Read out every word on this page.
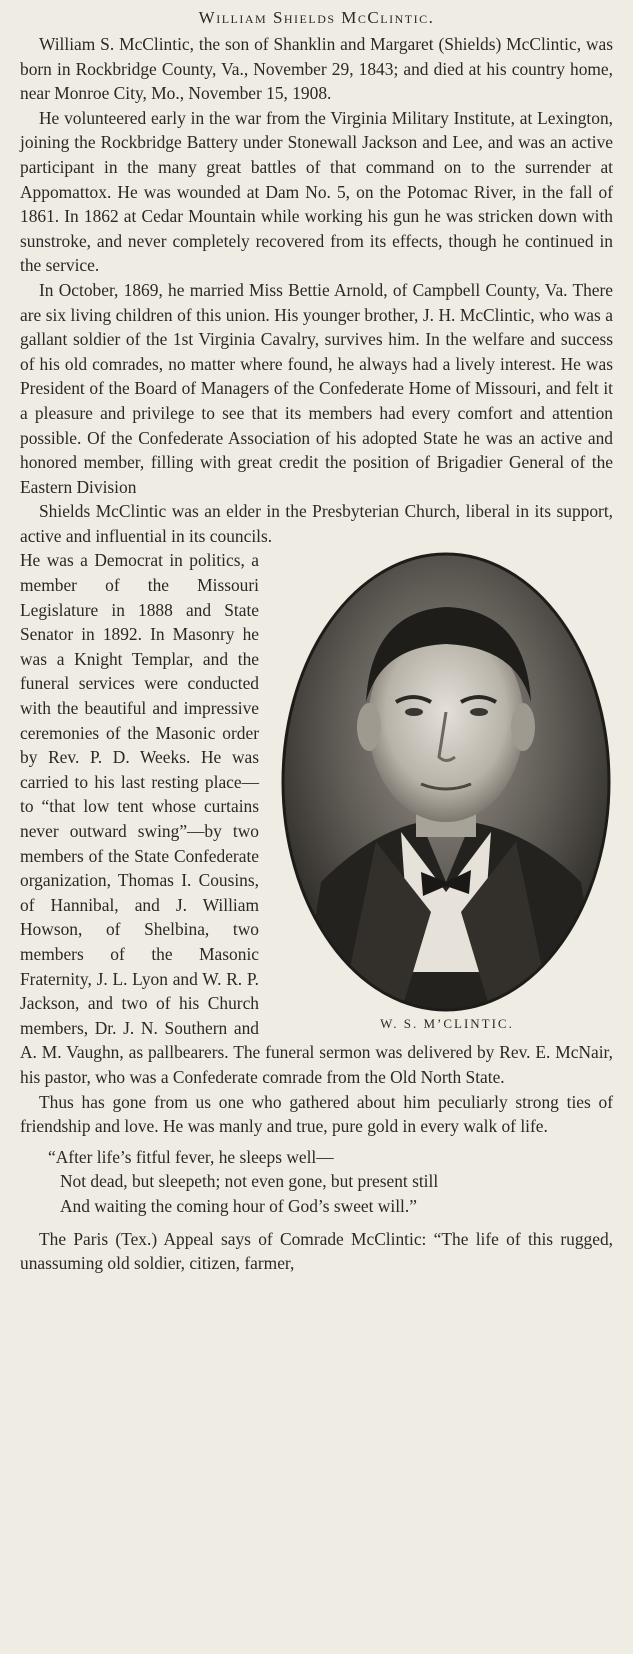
William Shields McClintic.

William S. McClintic, the son of Shanklin and Margaret (Shields) McClintic, was born in Rockbridge County, Va., November 29, 1843; and died at his country home, near Monroe City, Mo., November 15, 1908.

He volunteered early in the war from the Virginia Military Institute, at Lexington, joining the Rockbridge Battery under Stonewall Jackson and Lee, and was an active participant in the many great battles of that command on to the surrender at Appomattox. He was wounded at Dam No. 5, on the Potomac River, in the fall of 1861. In 1862 at Cedar Mountain while working his gun he was stricken down with sunstroke, and never completely recovered from its effects, though he continued in the service.

In October, 1869, he married Miss Bettie Arnold, of Campbell County, Va. There are six living children of this union. His younger brother, J. H. McClintic, who was a gallant soldier of the 1st Virginia Cavalry, survives him. In the welfare and success of his old comrades, no matter where found, he always had a lively interest. He was President of the Board of Managers of the Confederate Home of Missouri, and felt it a pleasure and privilege to see that its members had every comfort and attention possible. Of the Confederate Association of his adopted State he was an active and honored member, filling with great credit the position of Brigadier General of the Eastern Division

Shields McClintic was an elder in the Presbyterian Church, liberal in its support, active and influential in its councils.

W. S. M’CLINTIC.

He was a Democrat in politics, a member of the Missouri Legislature in 1888 and State Senator in 1892. In Masonry he was a Knight Templar, and the funeral services were conducted with the beautiful and impressive ceremonies of the Masonic order by Rev. P. D. Weeks. He was carried to his last resting place—to “that low tent whose curtains never outward swing”—by two members of the State Confederate organization, Thomas I. Cousins, of Hannibal, and J. William Howson, of Shelbina, two members of the Masonic Fraternity, J. L. Lyon and W. R. P. Jackson, and two of his Church members, Dr. J. N. Southern and A. M. Vaughn, as pallbearers. The funeral sermon was delivered by Rev. E. McNair, his pastor, who was a Confederate comrade from the Old North State.

Thus has gone from us one who gathered about him peculiarly strong ties of friendship and love. He was manly and true, pure gold in every walk of life.

“After life’s fitful fever, he sleeps well—
Not dead, but sleepeth; not even gone, but present still
And waiting the coming hour of God’s sweet will.”

The Paris (Tex.) Appeal says of Comrade McClintic: “The life of this rugged, unassuming old soldier, citizen, farmer,
